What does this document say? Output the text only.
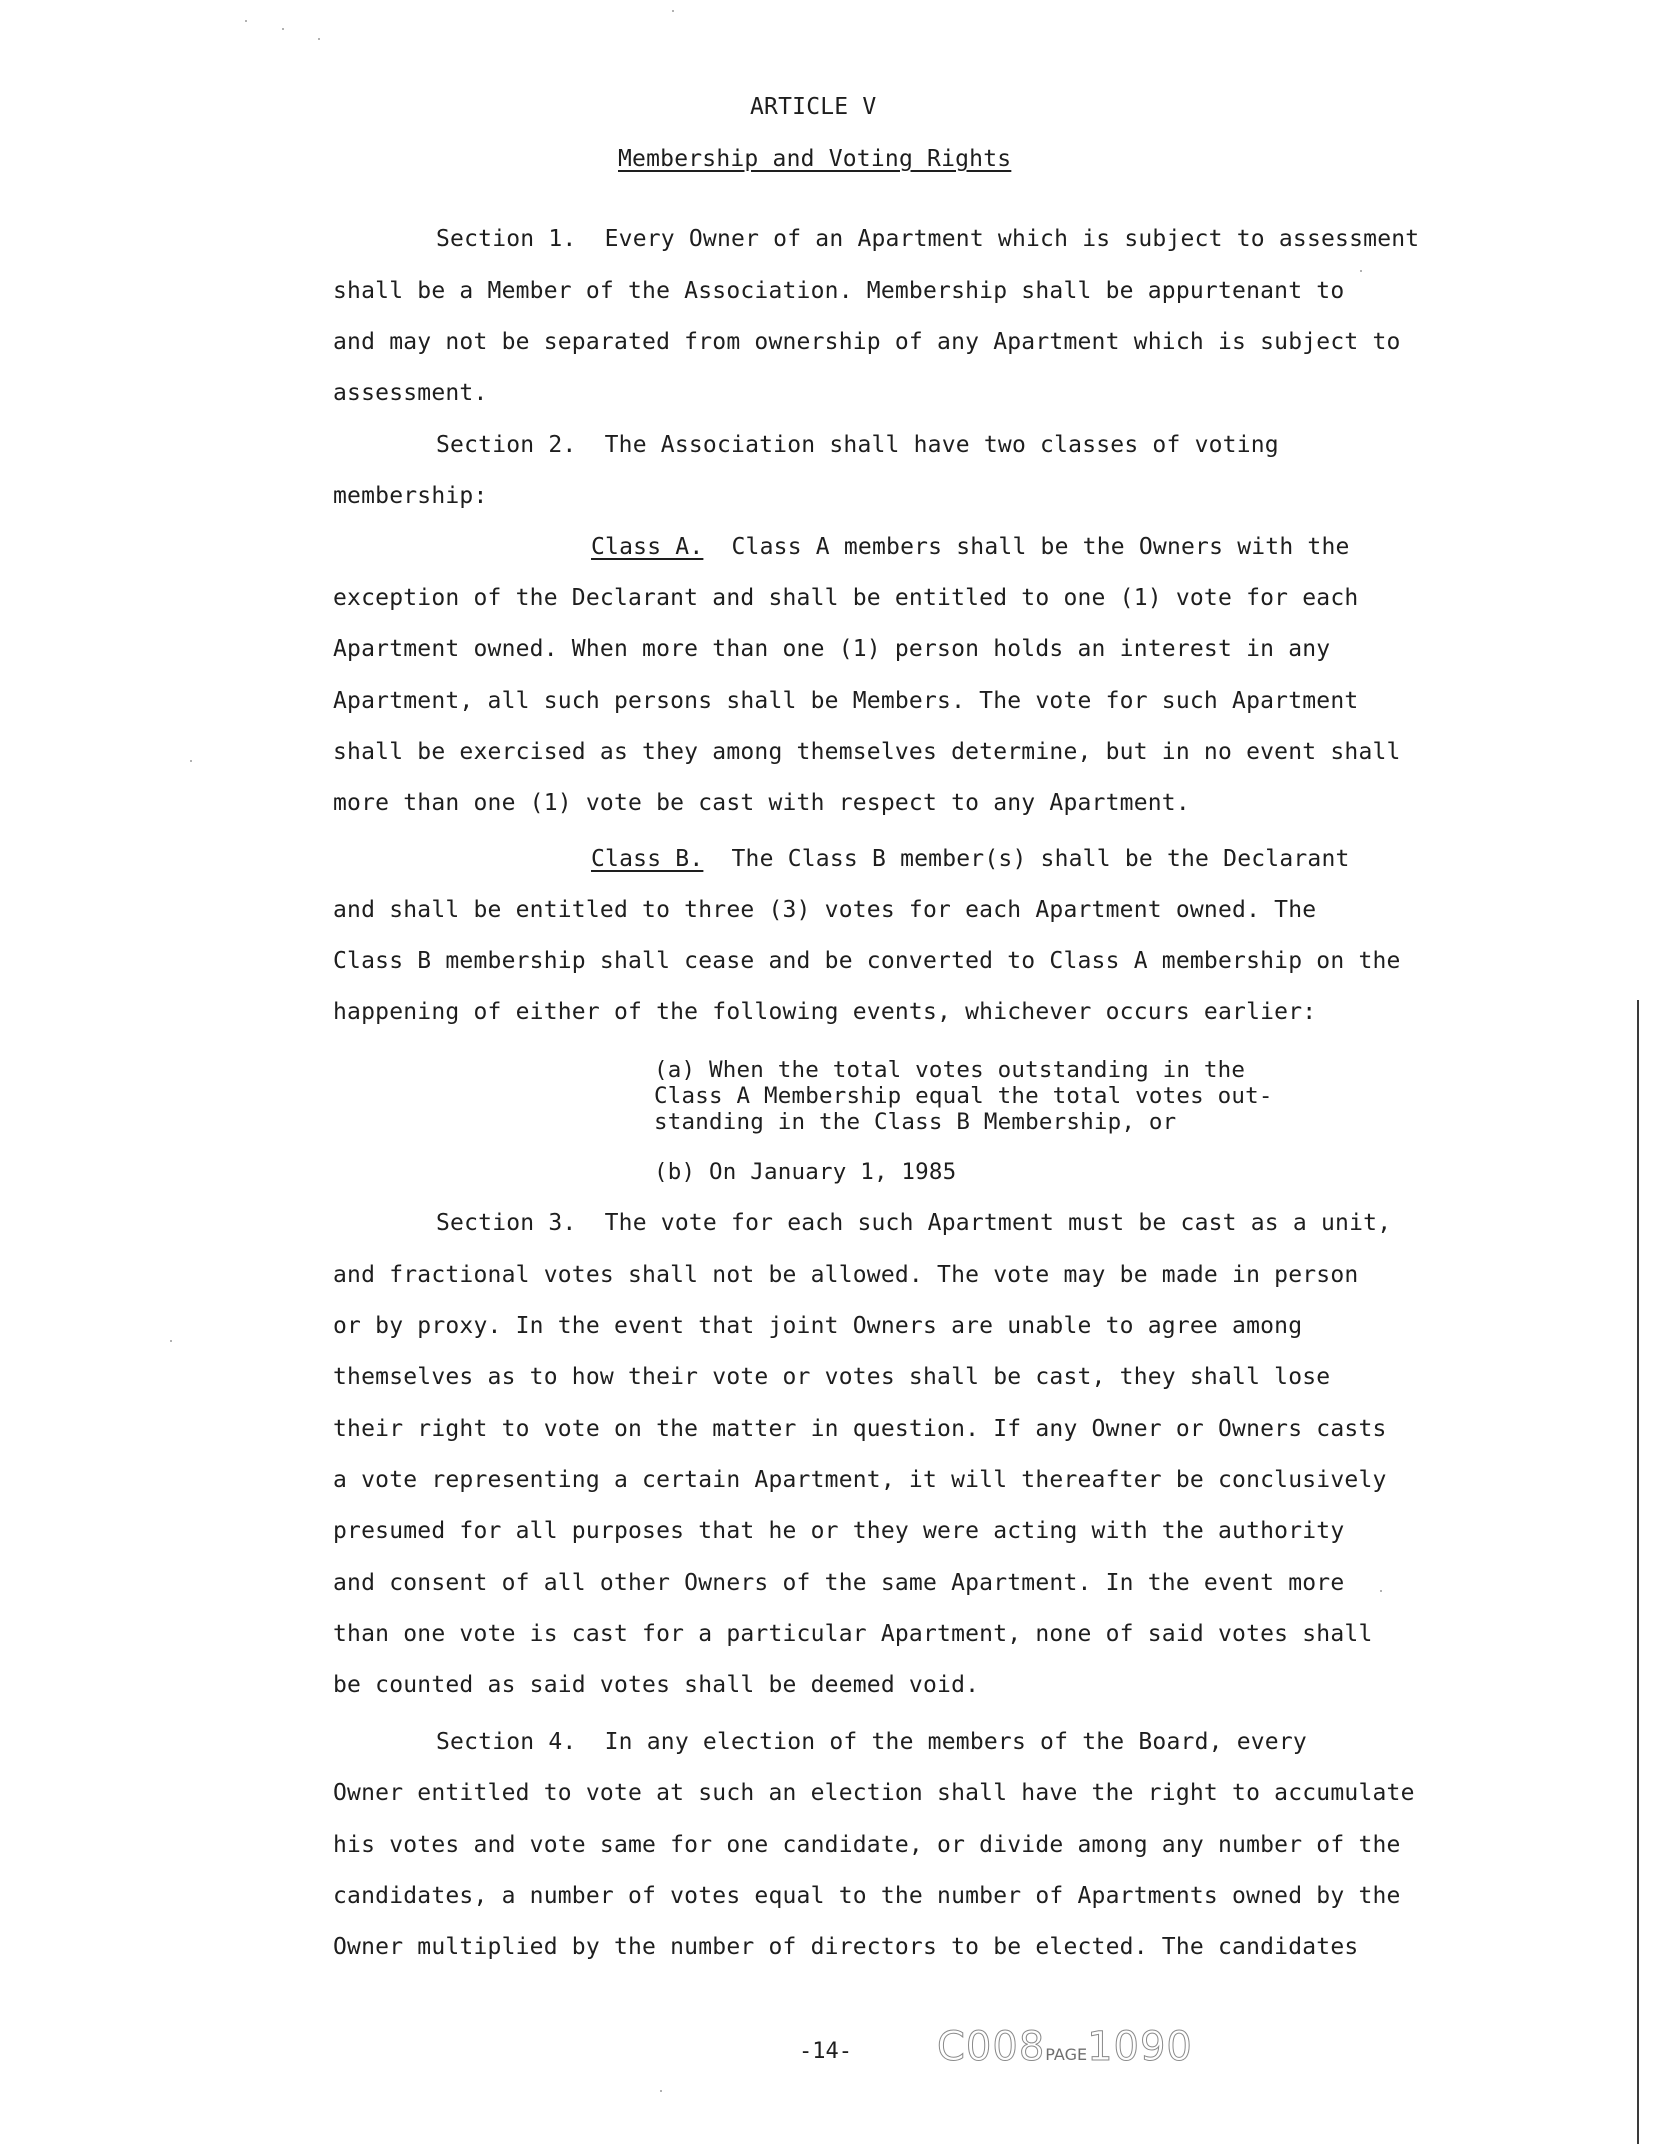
ARTICLE V
Membership and Voting Rights
Section 1. Every Owner of an Apartment which is subject to assessment
shall be a Member of the Association. Membership shall be appurtenant to
and may not be separated from ownership of any Apartment which is subject to
assessment.
Section 2. The Association shall have two classes of voting
membership:
Class A. Class A members shall be the Owners with the
exception of the Declarant and shall be entitled to one (1) vote for each
Apartment owned. When more than one (1) person holds an interest in any
Apartment, all such persons shall be Members. The vote for such Apartment
shall be exercised as they among themselves determine, but in no event shall
more than one (1) vote be cast with respect to any Apartment.
Class B. The Class B member(s) shall be the Declarant
and shall be entitled to three (3) votes for each Apartment owned. The
Class B membership shall cease and be converted to Class A membership on the
happening of either of the following events, whichever occurs earlier:
(a) When the total votes outstanding in the
Class A Membership equal the total votes out-
standing in the Class B Membership, or
(b) On January 1, 1985
Section 3. The vote for each such Apartment must be cast as a unit,
and fractional votes shall not be allowed. The vote may be made in person
or by proxy. In the event that joint Owners are unable to agree among
themselves as to how their vote or votes shall be cast, they shall lose
their right to vote on the matter in question. If any Owner or Owners casts
a vote representing a certain Apartment, it will thereafter be conclusively
presumed for all purposes that he or they were acting with the authority
and consent of all other Owners of the same Apartment. In the event more
than one vote is cast for a particular Apartment, none of said votes shall
be counted as said votes shall be deemed void.
Section 4. In any election of the members of the Board, every
Owner entitled to vote at such an election shall have the right to accumulate
his votes and vote same for one candidate, or divide among any number of the
candidates, a number of votes equal to the number of Apartments owned by the
Owner multiplied by the number of directors to be elected. The candidates
-14- C008PAGE1090
